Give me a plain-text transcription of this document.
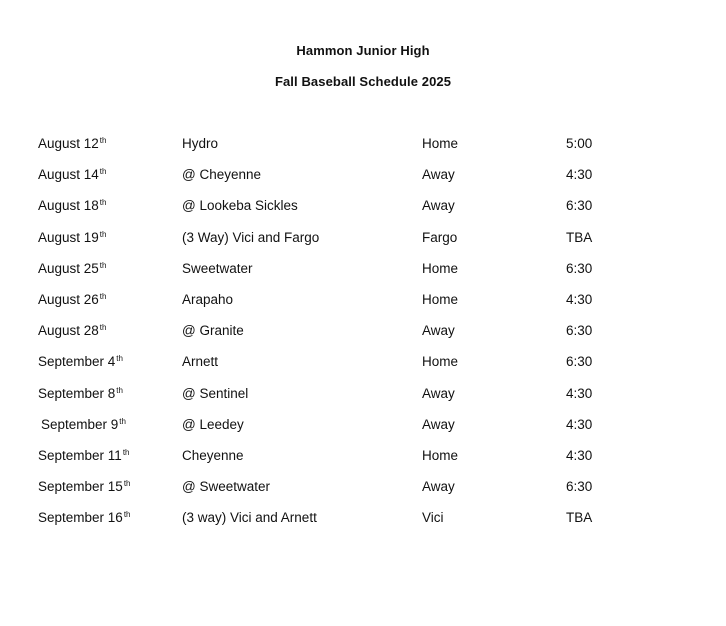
Hammon Junior High
Fall Baseball Schedule 2025
August 12th	Hydro	Home	5:00
August 14th	@ Cheyenne	Away	4:30
August 18th	@ Lookeba Sickles	Away	6:30
August 19th	(3 Way) Vici and Fargo	Fargo	TBA
August 25th	Sweetwater	Home	6:30
August 26th	Arapaho	Home	4:30
August 28th	@ Granite	Away	6:30
September 4th	Arnett	Home	6:30
September 8th	@ Sentinel	Away	4:30
September 9th	@ Leedey	Away	4:30
September 11th	Cheyenne	Home	4:30
September 15th	@ Sweetwater	Away	6:30
September 16th	(3 way) Vici and Arnett	Vici	TBA
